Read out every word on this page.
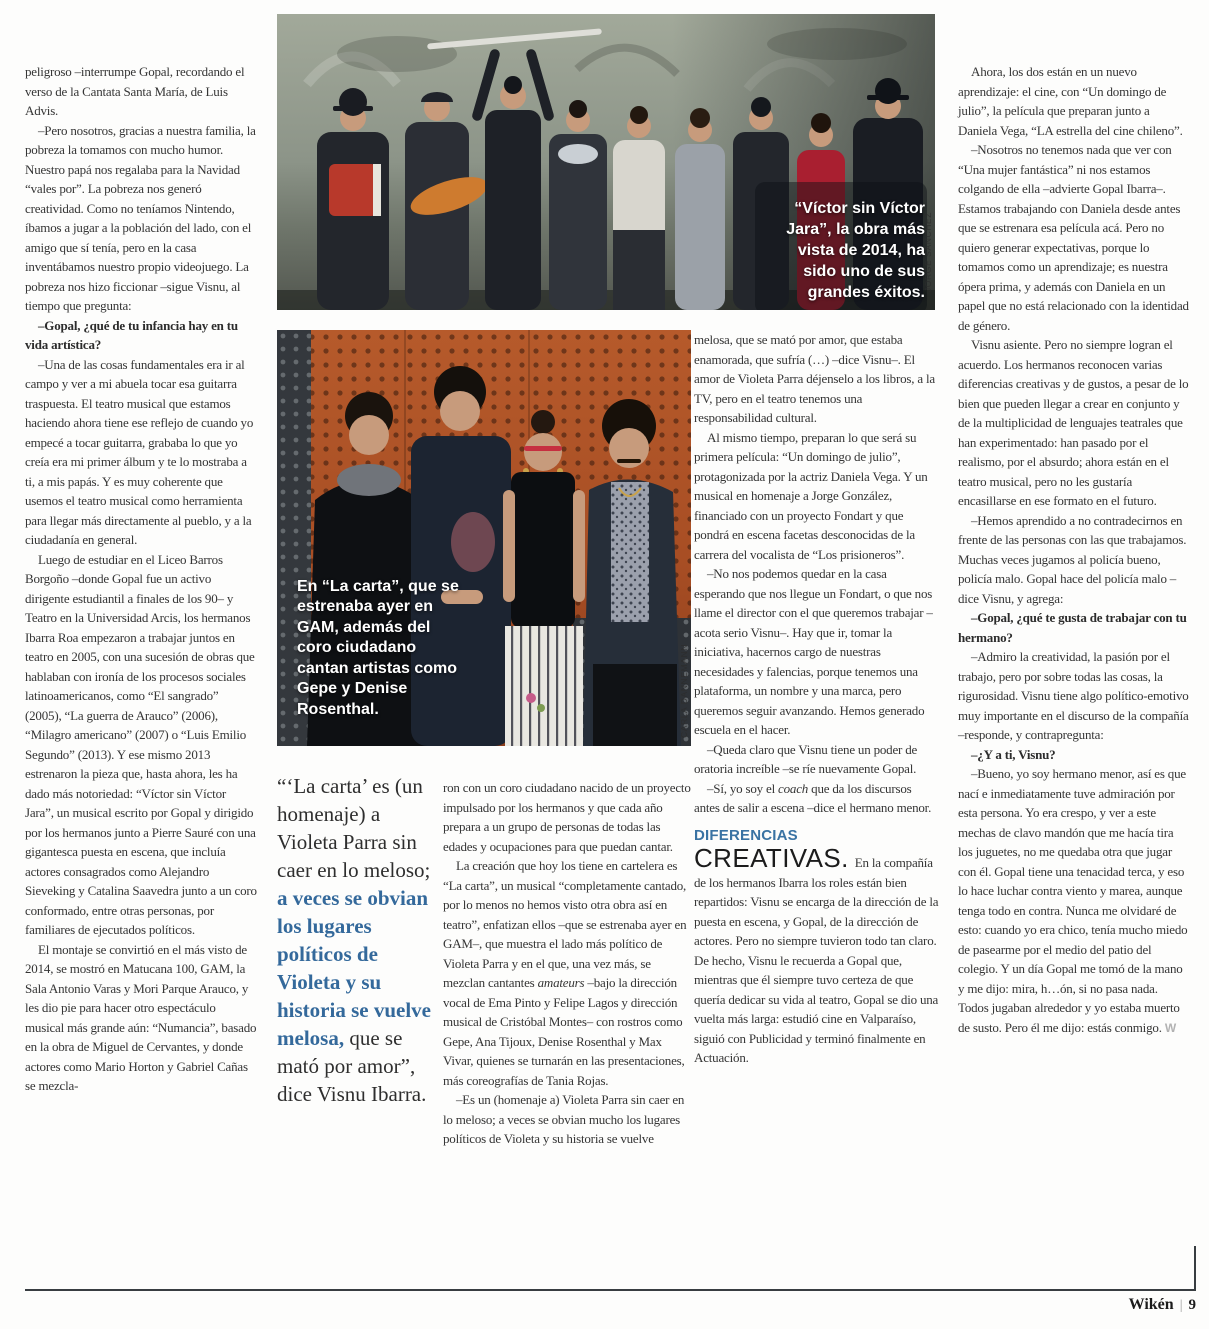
peligroso –interrumpe Gopal, recordando el verso de la Cantata Santa María, de Luis Advis.

–Pero nosotros, gracias a nuestra familia, la pobreza la tomamos con mucho humor. Nuestro papá nos regalaba para la Navidad “vales por”. La pobreza nos generó creatividad. Como no teníamos Nintendo, íbamos a jugar a la población del lado, con el amigo que sí tenía, pero en la casa inventábamos nuestro propio videojuego. La pobreza nos hizo ficcionar –sigue Visnu, al tiempo que pregunta:

–Gopal, ¿qué de tu infancia hay en tu vida artística?

–Una de las cosas fundamentales era ir al campo y ver a mi abuela tocar esa guitarra traspuesta. El teatro musical que estamos haciendo ahora tiene ese reflejo de cuando yo empecé a tocar guitarra, grababa lo que yo creía era mi primer álbum y te lo mostraba a ti, a mis papás. Y es muy coherente que usemos el teatro musical como herramienta para llegar más directamente al pueblo, y a la ciudadanía en general.

Luego de estudiar en el Liceo Barros Borgoño –donde Gopal fue un activo dirigente estudiantil a finales de los 90– y Teatro en la Universidad Arcis, los hermanos Ibarra Roa empezaron a trabajar juntos en teatro en 2005, con una sucesión de obras que hablaban con ironía de los procesos sociales latinoamericanos, como “El sangrado” (2005), “La guerra de Arauco” (2006), “Milagro americano” (2007) o “Luis Emilio Segundo” (2013). Y ese mismo 2013 estrenaron la pieza que, hasta ahora, les ha dado más notoriedad: “Víctor sin Víctor Jara”, un musical escrito por Gopal y dirigido por los hermanos junto a Pierre Sauré con una gigantesca puesta en escena, que incluía actores consagrados como Alejandro Sieveking y Catalina Saavedra junto a un coro conformado, entre otras personas, por familiares de ejecutados políticos.

El montaje se convirtió en el más visto de 2014, se mostró en Matucana 100, GAM, la Sala Antonio Varas y Mori Parque Arauco, y les dio pie para hacer otro espectáculo musical más grande aún: “Numancia”, basado en la obra de Miguel de Cervantes, y donde actores como Mario Horton y Gabriel Cañas se mezcla-

“Víctor sin Víctor Jara”, la obra más vista de 2014, ha sido uno de sus grandes éxitos.
JORGE SANCHEZ
En “La carta”, que se estrenaba ayer en GAM, además del coro ciudadano cantan artistas como Gepe y Denise Rosenthal.	CARLA DANNEMANN
“‘La carta’ es (un homenaje) a Violeta Parra sin caer en lo meloso; a veces se obvian los lugares políticos de Violeta y su historia se vuelve melosa, que se mató por amor”, dice Visnu Ibarra.

ron con un coro ciudadano nacido de un proyecto impulsado por los hermanos y que cada año prepara a un grupo de personas de todas las edades y ocupaciones para que puedan cantar.

La creación que hoy los tiene en cartelera es “La carta”, un musical “completamente cantado, por lo menos no hemos visto otra obra así en teatro”, enfatizan ellos –que se estrenaba ayer en GAM–, que muestra el lado más político de Violeta Parra y en el que, una vez más, se mezclan cantantes amateurs –bajo la dirección vocal de Ema Pinto y Felipe Lagos y dirección musical de Cristóbal Montes– con rostros como Gepe, Ana Tijoux, Denise Rosenthal y Max Vivar, quienes se turnarán en las presentaciones, más coreografías de Tania Rojas.

–Es un (homenaje a) Violeta Parra sin caer en lo meloso; a veces se obvian mucho los lugares políticos de Violeta y su historia se vuelve

melosa, que se mató por amor, que estaba enamorada, que sufría (…) –dice Visnu–. El amor de Violeta Parra déjenselo a los libros, a la TV, pero en el teatro tenemos una responsabilidad cultural.

Al mismo tiempo, preparan lo que será su primera película: “Un domingo de julio”, protagonizada por la actriz Daniela Vega. Y un musical en homenaje a Jorge González, financiado con un proyecto Fondart y que pondrá en escena facetas desconocidas de la carrera del vocalista de “Los prisioneros”.

–No nos podemos quedar en la casa esperando que nos llegue un Fondart, o que nos llame el director con el que queremos trabajar –acota serio Visnu–. Hay que ir, tomar la iniciativa, hacernos cargo de nuestras necesidades y falencias, porque tenemos una plataforma, un nombre y una marca, pero queremos seguir avanzando. Hemos generado escuela en el hacer.

–Queda claro que Visnu tiene un poder de oratoria increíble –se ríe nuevamente Gopal.

–Sí, yo soy el coach que da los discursos antes de salir a escena –dice el hermano menor.

DIFERENCIAS

CREATIVAS. En la compañía de los hermanos Ibarra los roles están bien repartidos: Visnu se encarga de la dirección de la puesta en escena, y Gopal, de la dirección de actores. Pero no siempre tuvieron todo tan claro. De hecho, Visnu le recuerda a Gopal que, mientras que él siempre tuvo certeza de que quería dedicar su vida al teatro, Gopal se dio una vuelta más larga: estudió cine en Valparaíso, siguió con Publicidad y terminó finalmente en Actuación.

Ahora, los dos están en un nuevo aprendizaje: el cine, con “Un domingo de julio”, la película que preparan junto a Daniela Vega, “LA estrella del cine chileno”.

–Nosotros no tenemos nada que ver con “Una mujer fantástica” ni nos estamos colgando de ella –advierte Gopal Ibarra–. Estamos trabajando con Daniela desde antes que se estrenara esa película acá. Pero no quiero generar expectativas, porque lo tomamos como un aprendizaje; es nuestra ópera prima, y además con Daniela en un papel que no está relacionado con la identidad de género.

Visnu asiente. Pero no siempre logran el acuerdo. Los hermanos reconocen varias diferencias creativas y de gustos, a pesar de lo bien que pueden llegar a crear en conjunto y de la multiplicidad de lenguajes teatrales que han experimentado: han pasado por el realismo, por el absurdo; ahora están en el teatro musical, pero no les gustaría encasillarse en ese formato en el futuro.

–Hemos aprendido a no contradecirnos en frente de las personas con las que trabajamos. Muchas veces jugamos al policía bueno, policía malo. Gopal hace del policía malo –dice Visnu, y agrega:

–Gopal, ¿qué te gusta de trabajar con tu hermano?

–Admiro la creatividad, la pasión por el trabajo, pero por sobre todas las cosas, la rigurosidad. Visnu tiene algo político-emotivo muy importante en el discurso de la compañía –responde, y contrapregunta:

–¿Y a ti, Visnu?

–Bueno, yo soy hermano menor, así es que nací e inmediatamente tuve admiración por esta persona. Yo era crespo, y ver a este mechas de clavo mandón que me hacía tira los juguetes, no me quedaba otra que jugar con él. Gopal tiene una tenacidad terca, y eso lo hace luchar contra viento y marea, aunque tenga todo en contra. Nunca me olvidaré de esto: cuando yo era chico, tenía mucho miedo de pasearme por el medio del patio del colegio. Y un día Gopal me tomó de la mano y me dijo: mira, h…ón, si no pasa nada. Todos jugaban alrededor y yo estaba muerto de susto. Pero él me dijo: estás conmigo. W

Wikén | 9
